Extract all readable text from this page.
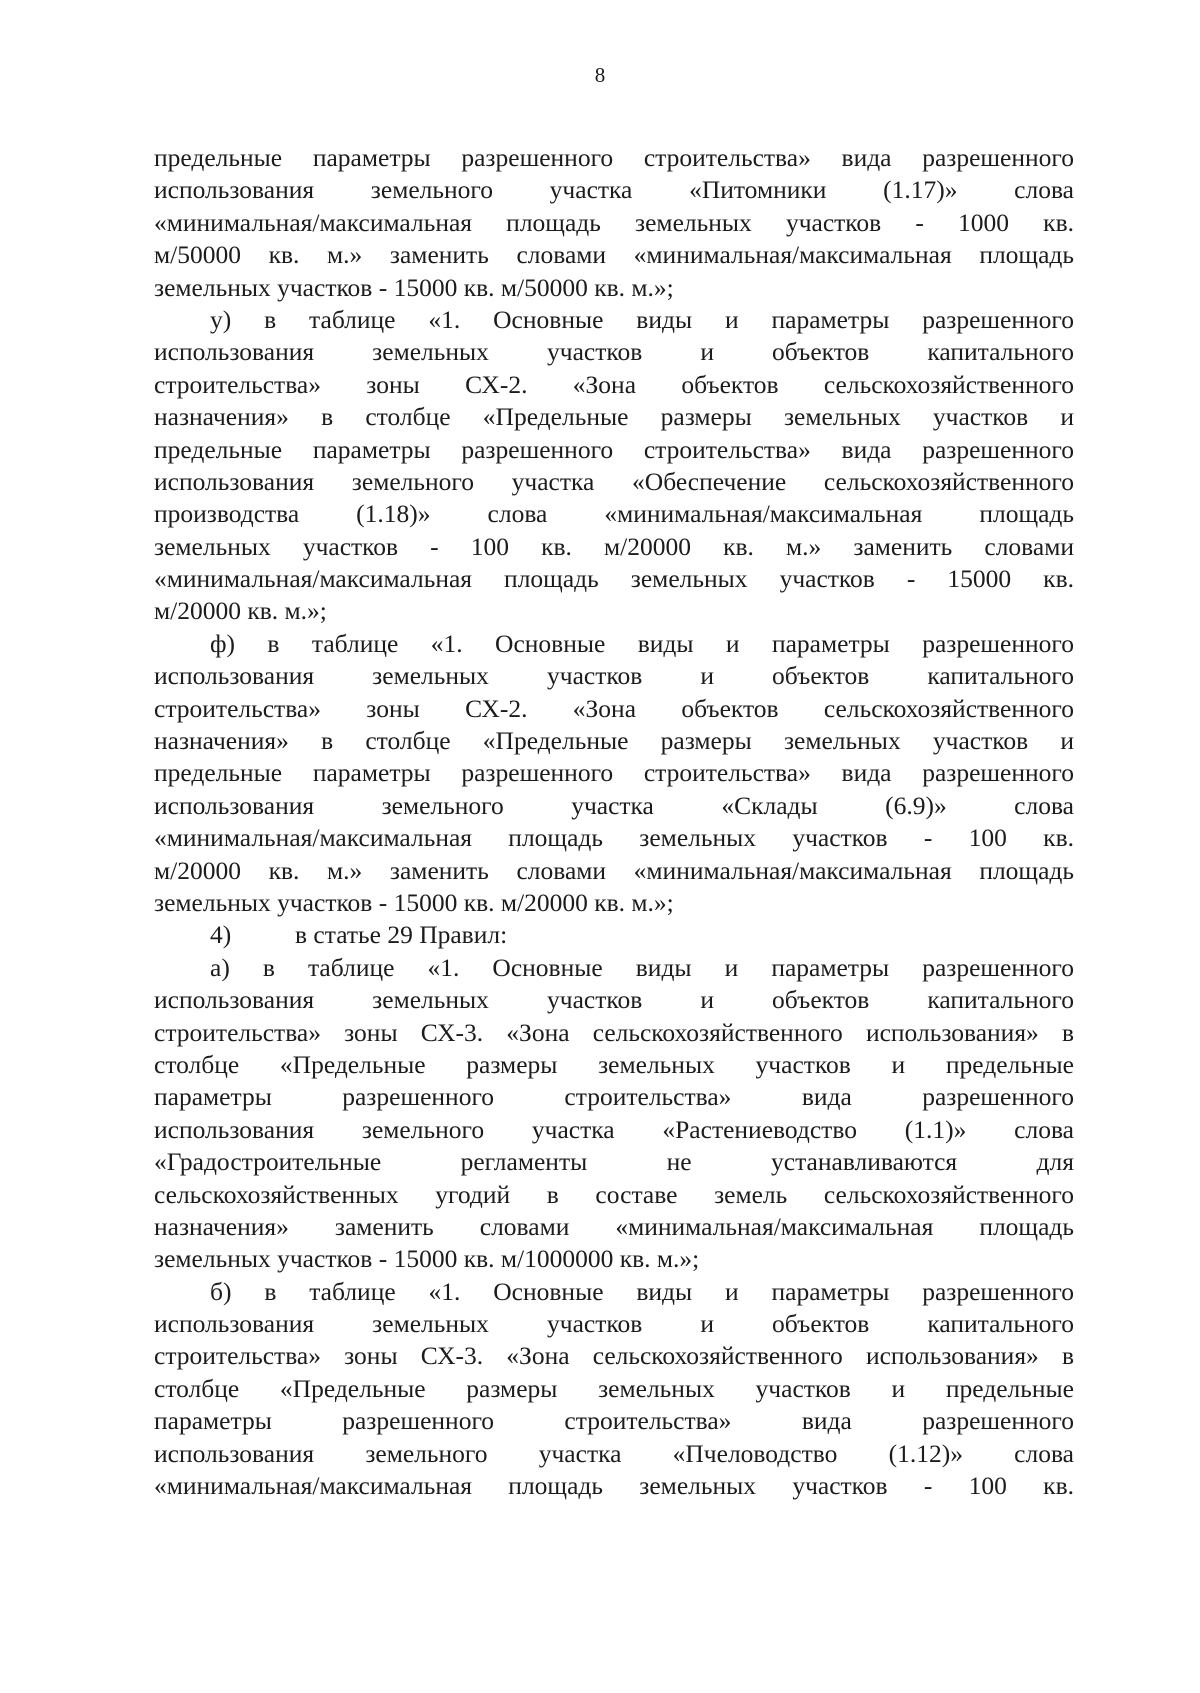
8
предельные параметры разрешенного строительства» вида разрешенного
использования земельного участка «Питомники (1.17)» слова
«минимальная/максимальная площадь земельных участков - 1000 кв.
м/50000 кв. м.» заменить словами «минимальная/максимальная площадь
земельных участков - 15000 кв. м/50000 кв. м.»;
у) в таблице «1. Основные виды и параметры разрешенного
использования земельных участков и объектов капитального
строительства» зоны СХ-2. «Зона объектов сельскохозяйственного
назначения» в столбце «Предельные размеры земельных участков и
предельные параметры разрешенного строительства» вида разрешенного
использования земельного участка «Обеспечение сельскохозяйственного
производства (1.18)» слова «минимальная/максимальная площадь
земельных участков - 100 кв. м/20000 кв. м.» заменить словами
«минимальная/максимальная площадь земельных участков - 15000 кв.
м/20000 кв. м.»;
ф) в таблице «1. Основные виды и параметры разрешенного
использования земельных участков и объектов капитального
строительства» зоны СХ-2. «Зона объектов сельскохозяйственного
назначения» в столбце «Предельные размеры земельных участков и
предельные параметры разрешенного строительства» вида разрешенного
использования земельного участка «Склады (6.9)» слова
«минимальная/максимальная площадь земельных участков - 100 кв.
м/20000 кв. м.» заменить словами «минимальная/максимальная площадь
земельных участков - 15000 кв. м/20000 кв. м.»;
4)	в статье 29 Правил:
а) в таблице «1. Основные виды и параметры разрешенного
использования земельных участков и объектов капитального
строительства» зоны СХ-3. «Зона сельскохозяйственного использования» в
столбце «Предельные размеры земельных участков и предельные
параметры разрешенного строительства» вида разрешенного
использования земельного участка «Растениеводство (1.1)» слова
«Градостроительные регламенты не устанавливаются для
сельскохозяйственных угодий в составе земель сельскохозяйственного
назначения» заменить словами «минимальная/максимальная площадь
земельных участков - 15000 кв. м/1000000 кв. м.»;
б) в таблице «1. Основные виды и параметры разрешенного
использования земельных участков и объектов капитального
строительства» зоны СХ-3. «Зона сельскохозяйственного использования» в
столбце «Предельные размеры земельных участков и предельные
параметры разрешенного строительства» вида разрешенного
использования земельного участка «Пчеловодство (1.12)» слова
«минимальная/максимальная площадь земельных участков - 100 кв.
